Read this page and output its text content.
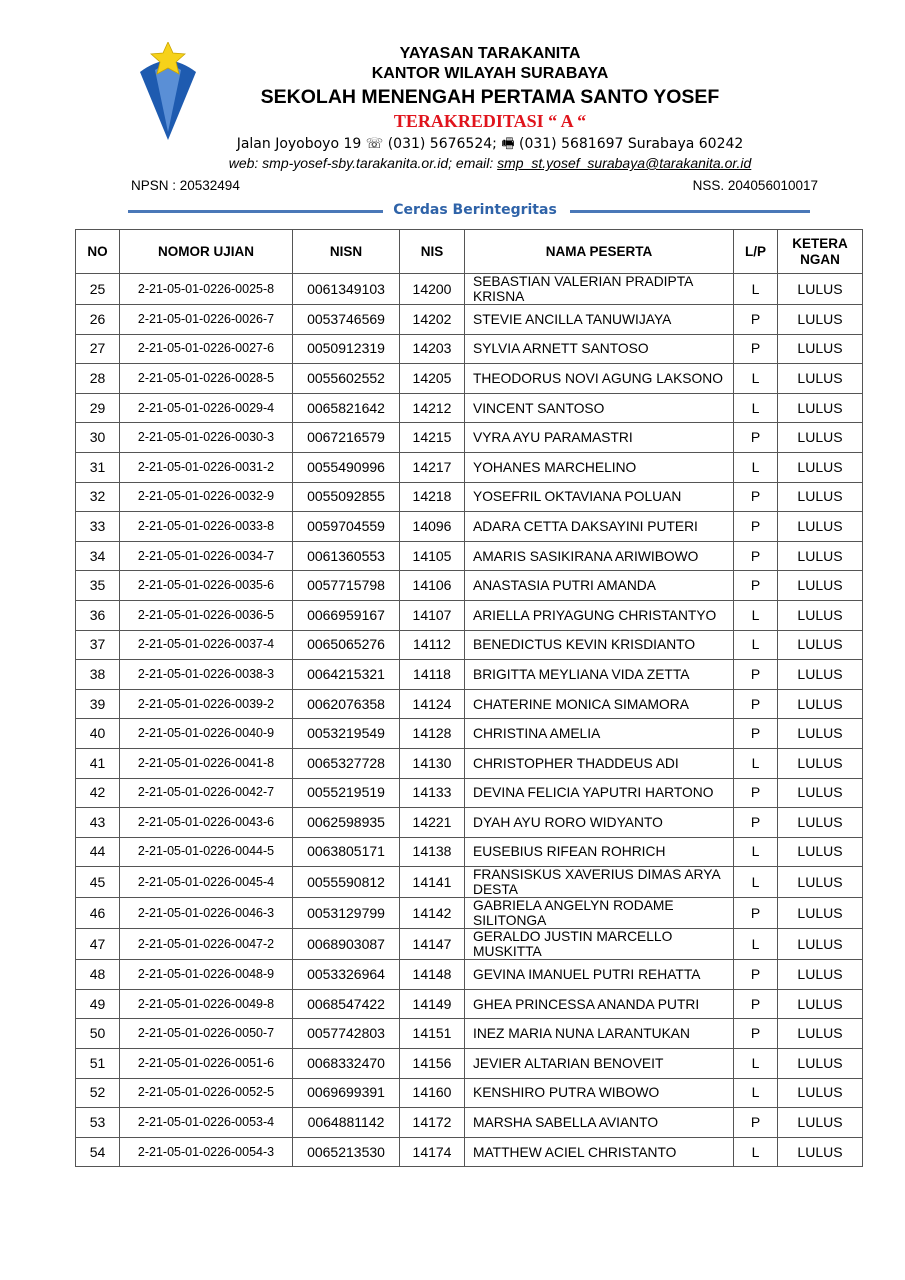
YAYASAN TARAKANITA
KANTOR WILAYAH SURABAYA
SEKOLAH MENENGAH PERTAMA SANTO YOSEF
TERAKREDITASI “ A “
Jalan Joyoboyo 19 ☏ (031) 5676524; 🖷 (031) 5681697 Surabaya 60242
web: smp-yosef-sby.tarakanita.or.id; email: smp_st.yosef_surabaya@tarakanita.or.id
NPSN : 20532494	NSS. 204056010017
Cerdas Berintegritas
NO	NOMOR UJIAN	NISN	NIS	NAMA PESERTA	L/P	KETERA NGAN
25	2-21-05-01-0226-0025-8	0061349103	14200	SEBASTIAN VALERIAN PRADIPTA KRISNA	L	LULUS
26	2-21-05-01-0226-0026-7	0053746569	14202	STEVIE ANCILLA TANUWIJAYA	P	LULUS
27	2-21-05-01-0226-0027-6	0050912319	14203	SYLVIA ARNETT SANTOSO	P	LULUS
28	2-21-05-01-0226-0028-5	0055602552	14205	THEODORUS NOVI AGUNG LAKSONO	L	LULUS
29	2-21-05-01-0226-0029-4	0065821642	14212	VINCENT SANTOSO	L	LULUS
30	2-21-05-01-0226-0030-3	0067216579	14215	VYRA AYU PARAMASTRI	P	LULUS
31	2-21-05-01-0226-0031-2	0055490996	14217	YOHANES MARCHELINO	L	LULUS
32	2-21-05-01-0226-0032-9	0055092855	14218	YOSEFRIL OKTAVIANA POLUAN	P	LULUS
33	2-21-05-01-0226-0033-8	0059704559	14096	ADARA CETTA DAKSAYINI PUTERI	P	LULUS
34	2-21-05-01-0226-0034-7	0061360553	14105	AMARIS SASIKIRANA ARIWIBOWO	P	LULUS
35	2-21-05-01-0226-0035-6	0057715798	14106	ANASTASIA PUTRI AMANDA	P	LULUS
36	2-21-05-01-0226-0036-5	0066959167	14107	ARIELLA PRIYAGUNG CHRISTANTYO	L	LULUS
37	2-21-05-01-0226-0037-4	0065065276	14112	BENEDICTUS KEVIN KRISDIANTO	L	LULUS
38	2-21-05-01-0226-0038-3	0064215321	14118	BRIGITTA MEYLIANA VIDA ZETTA	P	LULUS
39	2-21-05-01-0226-0039-2	0062076358	14124	CHATERINE MONICA SIMAMORA	P	LULUS
40	2-21-05-01-0226-0040-9	0053219549	14128	CHRISTINA AMELIA	P	LULUS
41	2-21-05-01-0226-0041-8	0065327728	14130	CHRISTOPHER THADDEUS ADI	L	LULUS
42	2-21-05-01-0226-0042-7	0055219519	14133	DEVINA FELICIA YAPUTRI HARTONO	P	LULUS
43	2-21-05-01-0226-0043-6	0062598935	14221	DYAH AYU RORO WIDYANTO	P	LULUS
44	2-21-05-01-0226-0044-5	0063805171	14138	EUSEBIUS RIFEAN ROHRICH	L	LULUS
45	2-21-05-01-0226-0045-4	0055590812	14141	FRANSISKUS XAVERIUS DIMAS ARYA DESTA	L	LULUS
46	2-21-05-01-0226-0046-3	0053129799	14142	GABRIELA ANGELYN RODAME SILITONGA	P	LULUS
47	2-21-05-01-0226-0047-2	0068903087	14147	GERALDO JUSTIN MARCELLO MUSKITTA	L	LULUS
48	2-21-05-01-0226-0048-9	0053326964	14148	GEVINA IMANUEL PUTRI REHATTA	P	LULUS
49	2-21-05-01-0226-0049-8	0068547422	14149	GHEA PRINCESSA ANANDA PUTRI	P	LULUS
50	2-21-05-01-0226-0050-7	0057742803	14151	INEZ MARIA NUNA LARANTUKAN	P	LULUS
51	2-21-05-01-0226-0051-6	0068332470	14156	JEVIER ALTARIAN BENOVEIT	L	LULUS
52	2-21-05-01-0226-0052-5	0069699391	14160	KENSHIRO PUTRA WIBOWO	L	LULUS
53	2-21-05-01-0226-0053-4	0064881142	14172	MARSHA SABELLA AVIANTO	P	LULUS
54	2-21-05-01-0226-0054-3	0065213530	14174	MATTHEW ACIEL CHRISTANTO	L	LULUS
